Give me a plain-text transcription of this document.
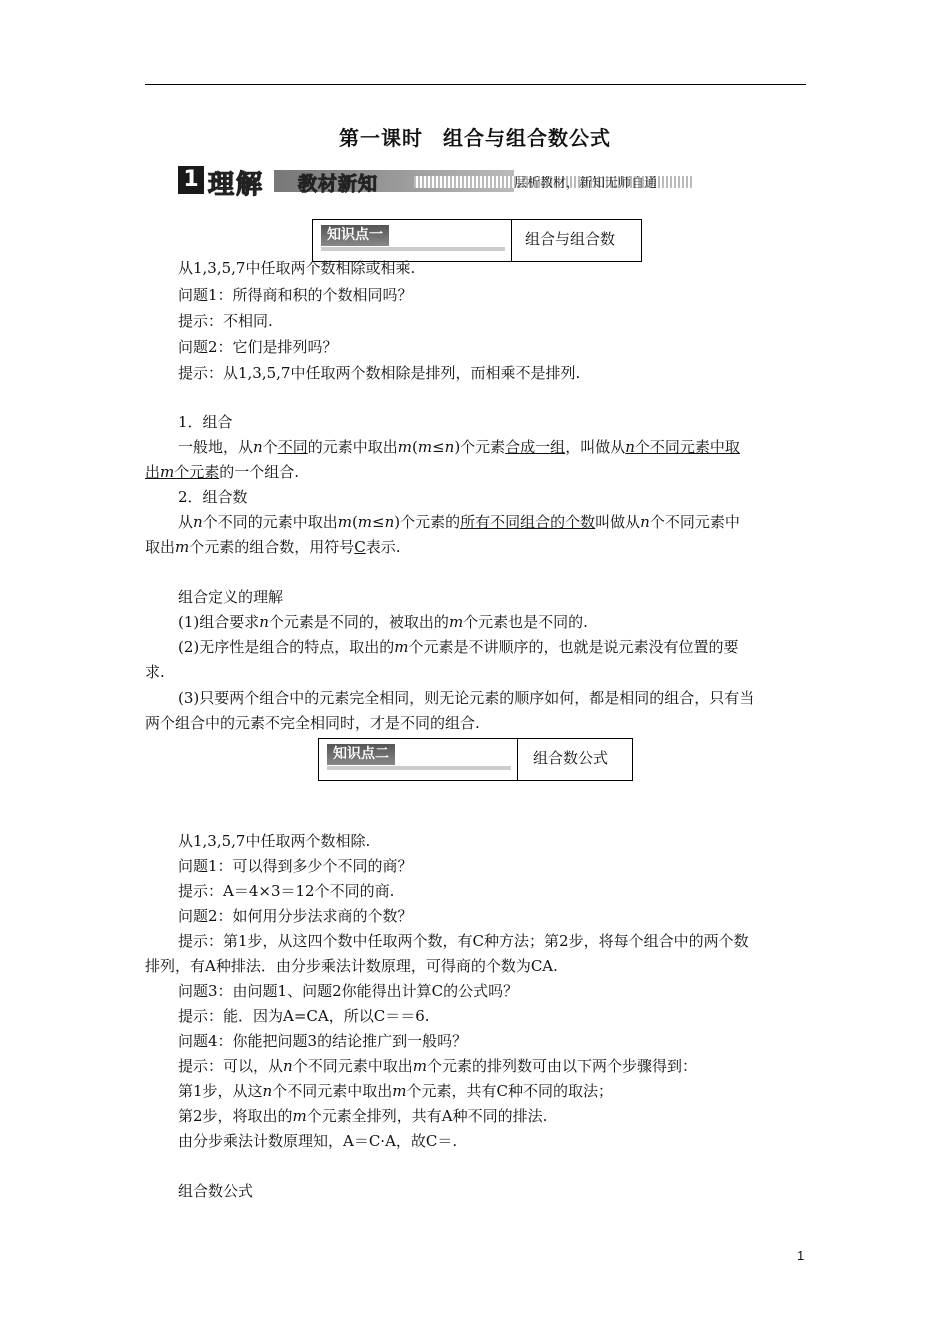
第一课时 组合与组合数公式
1 理解 教材新知	层析教材，新知无师自通
知识点一	组合与组合数
从1,3,5,7中任取两个数相除或相乘.
问题1：所得商和积的个数相同吗？
提示：不相同.
问题2：它们是排列吗？
提示：从1,3,5,7中任取两个数相除是排列，而相乘不是排列.
1．组合
一般地，从n个不同的元素中取出m(m≤n)个元素合成一组，叫做从n个不同元素中取
出m个元素的一个组合.
2．组合数
从n个不同的元素中取出m(m≤n)个元素的所有不同组合的个数叫做从n个不同元素中
取出m个元素的组合数，用符号C表示.
组合定义的理解
(1)组合要求n个元素是不同的，被取出的m个元素也是不同的.
(2)无序性是组合的特点，取出的m个元素是不讲顺序的，也就是说元素没有位置的要
求.
(3)只要两个组合中的元素完全相同，则无论元素的顺序如何，都是相同的组合，只有当
两个组合中的元素不完全相同时，才是不同的组合.
知识点二	组合数公式
从1,3,5,7中任取两个数相除.
问题1：可以得到多少个不同的商？
提示：A＝4×3＝12个不同的商.
问题2：如何用分步法求商的个数？
提示：第1步，从这四个数中任取两个数，有C种方法；第2步，将每个组合中的两个数
排列，有A种排法．由分步乘法计数原理，可得商的个数为CA.
问题3：由问题1、问题2你能得出计算C的公式吗？
提示：能．因为A=CA，所以C＝＝6.
问题4：你能把问题3的结论推广到一般吗？
提示：可以，从n个不同元素中取出m个元素的排列数可由以下两个步骤得到：
第1步，从这n个不同元素中取出m个元素，共有C种不同的取法；
第2步，将取出的m个元素全排列，共有A种不同的排法.
由分步乘法计数原理知，A＝C·A，故C＝.
组合数公式
1
